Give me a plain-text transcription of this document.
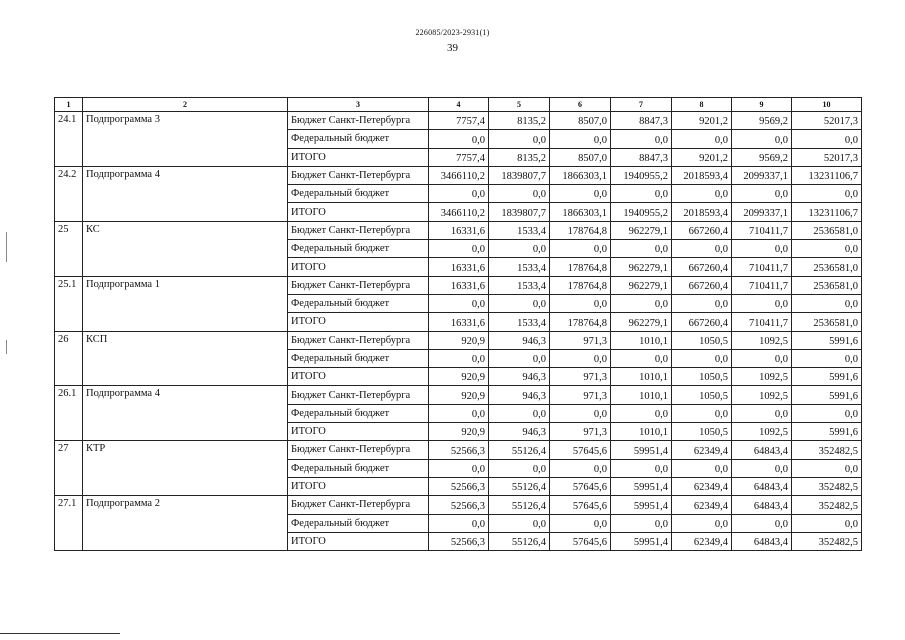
226085/2023-2931(1)
39
1	2	3	4	5	6	7	8	9	10
24.1	Подпрограмма 3	Бюджет Санкт-Петербурга	7757,4	8135,2	8507,0	8847,3	9201,2	9569,2	52017,3
		Федеральный бюджет	0,0	0,0	0,0	0,0	0,0	0,0	0,0
		ИТОГО	7757,4	8135,2	8507,0	8847,3	9201,2	9569,2	52017,3
24.2	Подпрограмма 4	Бюджет Санкт-Петербурга	3466110,2	1839807,7	1866303,1	1940955,2	2018593,4	2099337,1	13231106,7
		Федеральный бюджет	0,0	0,0	0,0	0,0	0,0	0,0	0,0
		ИТОГО	3466110,2	1839807,7	1866303,1	1940955,2	2018593,4	2099337,1	13231106,7
25	КС	Бюджет Санкт-Петербурга	16331,6	1533,4	178764,8	962279,1	667260,4	710411,7	2536581,0
		Федеральный бюджет	0,0	0,0	0,0	0,0	0,0	0,0	0,0
		ИТОГО	16331,6	1533,4	178764,8	962279,1	667260,4	710411,7	2536581,0
25.1	Подпрограмма 1	Бюджет Санкт-Петербурга	16331,6	1533,4	178764,8	962279,1	667260,4	710411,7	2536581,0
		Федеральный бюджет	0,0	0,0	0,0	0,0	0,0	0,0	0,0
		ИТОГО	16331,6	1533,4	178764,8	962279,1	667260,4	710411,7	2536581,0
26	КСП	Бюджет Санкт-Петербурга	920,9	946,3	971,3	1010,1	1050,5	1092,5	5991,6
		Федеральный бюджет	0,0	0,0	0,0	0,0	0,0	0,0	0,0
		ИТОГО	920,9	946,3	971,3	1010,1	1050,5	1092,5	5991,6
26.1	Подпрограмма 4	Бюджет Санкт-Петербурга	920,9	946,3	971,3	1010,1	1050,5	1092,5	5991,6
		Федеральный бюджет	0,0	0,0	0,0	0,0	0,0	0,0	0,0
		ИТОГО	920,9	946,3	971,3	1010,1	1050,5	1092,5	5991,6
27	КТР	Бюджет Санкт-Петербурга	52566,3	55126,4	57645,6	59951,4	62349,4	64843,4	352482,5
		Федеральный бюджет	0,0	0,0	0,0	0,0	0,0	0,0	0,0
		ИТОГО	52566,3	55126,4	57645,6	59951,4	62349,4	64843,4	352482,5
27.1	Подпрограмма 2	Бюджет Санкт-Петербурга	52566,3	55126,4	57645,6	59951,4	62349,4	64843,4	352482,5
		Федеральный бюджет	0,0	0,0	0,0	0,0	0,0	0,0	0,0
		ИТОГО	52566,3	55126,4	57645,6	59951,4	62349,4	64843,4	352482,5
